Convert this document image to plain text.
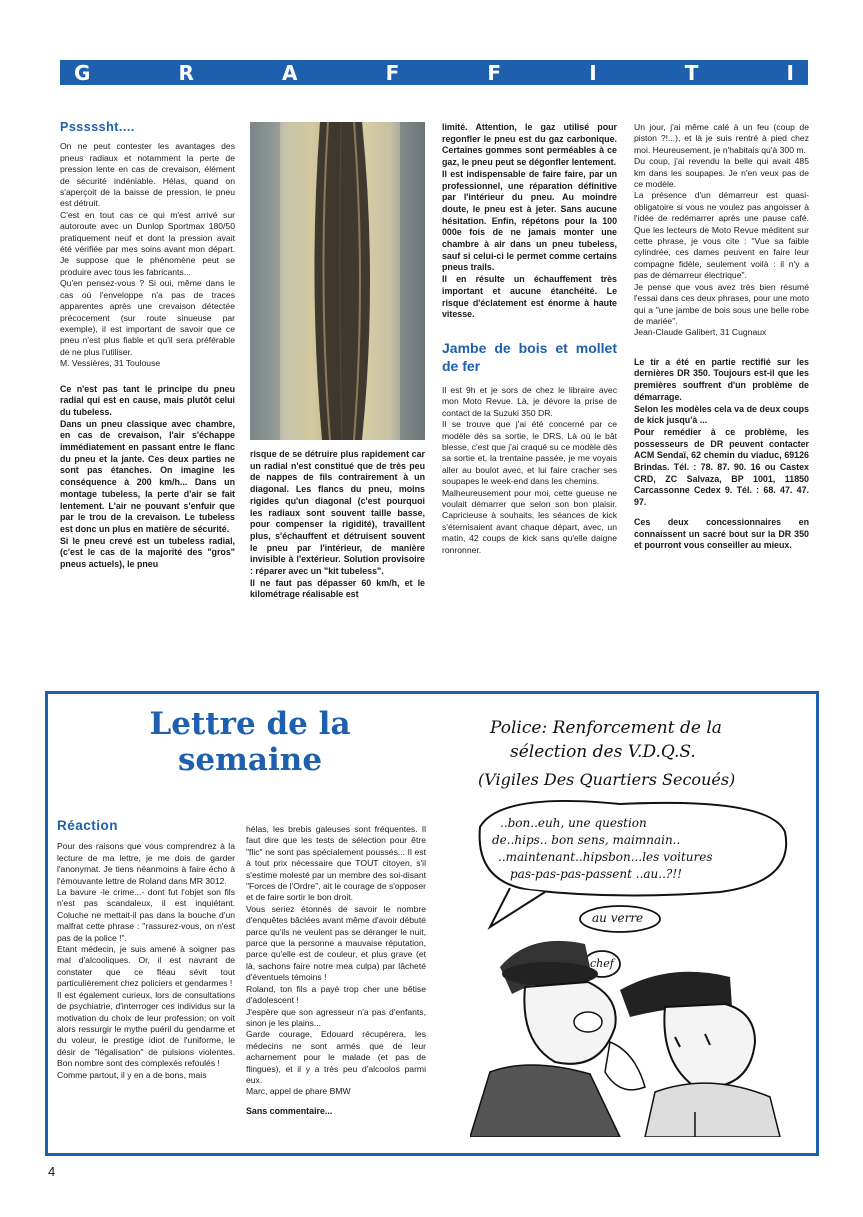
G	R	A	F	F	I	T	I
Psssssht....

On ne peut contester les avantages des pneus radiaux et notamment la perte de pression lente en cas de crevaison, élément de sécurité indéniable. Hélas, quand on s'aperçoit de la baisse de pression, le pneu est détruit.

C'est en tout cas ce qui m'est arrivé sur autoroute avec un Dunlop Sportmax 180/50 pratiquement neuf et dont la pression avait été vérifiée par mes soins avant mon départ. Je suppose que le phénomène peut se produire avec tous les fabricants...

Qu'en pensez-vous ? Si oui, même dans le cas où l'enveloppe n'a pas de traces apparentes après une crevaison détectée précocement (sur route sinueuse par exemple), il est important de savoir que ce pneu n'est plus fiable et qu'il sera préférable de ne plus l'utiliser.

M. Vessières, 31 Toulouse

Ce n'est pas tant le principe du pneu radial qui est en cause, mais plutôt celui du tubeless.

Dans un pneu classique avec chambre, en cas de crevaison, l'air s'échappe immédiatement en passant entre le flanc du pneu et la jante. Ces deux parties ne sont pas étanches. On imagine les conséquence à 200 km/h... Dans un montage tubeless, la perte d'air se fait lentement. L'air ne pouvant s'enfuir que par le trou de la crevaison. Le tubeless est donc un plus en matière de sécurité.

Si le pneu crevé est un tubeless radial, (c'est le cas de la majorité des "gros" pneus actuels), le pneu

risque de se détruire plus rapidement car un radial n'est constitué que de très peu de nappes de fils contrairement à un diagonal. Les flancs du pneu, moins rigides qu'un diagonal (c'est pourquoi les radiaux sont souvent taille basse, pour compenser la rigidité), travaillent plus, s'échauffent et détruisent souvent le pneu par l'intérieur, de manière invisible à l'extérieur. Solution provisoire : réparer avec un "kit tubeless".

Il ne faut pas dépasser 60 km/h, et le kilométrage réalisable est

limité. Attention, le gaz utilisé pour regonfler le pneu est du gaz carbonique. Certaines gommes sont perméables à ce gaz, le pneu peut se dégonfler lentement.

Il est indispensable de faire faire, par un professionnel, une réparation définitive par l'intérieur du pneu. Au moindre doute, le pneu est à jeter. Sans aucune hésitation. Enfin, répétons pour la 100 000e fois de ne jamais monter une chambre à air dans un pneu tubeless, sauf si celui-ci le permet comme certains pneus trails.

Il en résulte un échauffement très important et aucune étanchéité. Le risque d'éclatement est énorme à haute vitesse.

Jambe de bois et mollet de fer

Il est 9h et je sors de chez le libraire avec mon Moto Revue. Là, je dévore la prise de contact de la Suzuki 350 DR.

Il se trouve que j'ai été concerné par ce modèle dès sa sortie, le DRS. Là où le bât blesse, c'est que j'ai craqué su ce modèle dès sa sortie et, la trentaine passée, je me voyais aller au boulot avec, et lui faire cracher ses soupapes le week-end dans les chemins.

Malheureusement pour moi, cette gueuse ne voulait démarrer que selon son bon plaisir. Capricieuse à souhaits, les séances de kick s'éternisaient avant chaque départ, avec, un matin, 42 coups de kick sans qu'elle daigne ronronner.

Un jour, j'ai même calé à un feu (coup de piston ?!...), et là je suis rentré à pied chez moi. Heureusement, je n'habitais qu'à 300 m.

Du coup, j'ai revendu la belle qui avait 485 km dans les soupapes. Je n'en veux pas de ce modèle.

La présence d'un démarreur est quasi-obligatoire si vous ne voulez pas angoisser à l'idée de redémarrer après une pause café. Que les lecteurs de Moto Revue méditent sur cette phrase, je vous cite : "Vue sa faible cylindrée, ces dames peuvent en faire leur compagne fidèle, seulement voilà : il n'y a pas de démarreur électrique".

Je pense que vous avez très bien résumé l'essai dans ces deux phrases, pour une moto qui a "une jambe de bois sous une belle robe de mariée".

Jean-Claude Galibert, 31 Cugnaux

Le tir a été en partie rectifié sur les dernières DR 350. Toujours est-il que les premières souffrent d'un problème de démarrage.

Selon les modèles cela va de deux coups de kick jusqu'à ...

Pour remédier à ce problème, les possesseurs de DR peuvent contacter ACM Sendaï, 62 chemin du viaduc, 69126 Brindas. Tél. : 78. 87. 90. 16 ou Castex CRD, ZC Salvaza, BP 1001, 11850 Carcassonne Cedex 9. Tél. : 68. 47. 47. 97.

Ces deux concessionnaires en connaissent un sacré bout sur la DR 350 et pourront vous conseiller au mieux.

Lettre de la
semaine
Réaction

Pour des raisons que vous comprendrez à la lecture de ma lettre, je me dois de garder l'anonymat. Je tiens néanmoins à faire écho à l'émouvante lettre de Roland dans MR 3012.

La bavure -le crime...- dont fut l'objet son fils n'est pas scandaleux, il est inquiétant. Coluche ne mettait-il pas dans la bouche d'un malfrat cette phrase : "rassurez-vous, on n'est pas de la police !".

Etant médecin, je suis amené à soigner pas mal d'alcooliques. Or, il est navrant de constater que ce fléau sévit tout particulièrement chez policiers et gendarmes !

Il est également curieux, lors de consultations de psychiatrie, d'interroger ces individus sur la motivation du choix de leur profession; on voit alors ressurgir le mythe puéril du gendarme et du voleur, le prestige idiot de l'uniforme, le désir de "légalisation" de pulsions violentes. Bon nombre sont des complexés refoulés !

Comme partout, il y en a de bons, mais

hélas, les brebis galeuses sont fréquentes. Il faut dire que les tests de sélection pour être "flic" ne sont pas spécialement poussés... Il est à tout prix nécessaire que TOUT citoyen, s'il s'estime molesté par un membre des soi-disant "Forces de l'Ordre", ait le courage de s'opposer et de faire sortir le bon droit.

Vous seriez étonnés de savoir le nombre d'enquêtes bâclées avant même d'avoir débuté parce qu'ils ne veulent pas se déranger le nuit, parce que la personne a mauvaise réputation, parce qu'elle est de couleur, et plus grave (et là, sachons faire notre mea culpa) par lâcheté d'éventuels témoins !

Roland, ton fils a payé trop cher une bêtise d'adolescent !

J'espère que son agresseur n'a pas d'enfants, sinon je les plains...

Garde courage, Edouard récupérera, les médecins ne sont armés que de leur acharnement pour le malade (et pas de flingues), et il y a très peu d'alcoolos parmi eux.

Marc, appel de phare BMW

Sans commentaire...

Police: Renforcement de la
sélection des V.D.Q.S.
(Vigiles Des Quartiers Secoués)
..bon..euh, une question
de..hips.. bon sens, maimnain..
..maintenant..hipsbon...les voitures
pas-pas-pas-passent ..au..?!!
au verre
chef
4
